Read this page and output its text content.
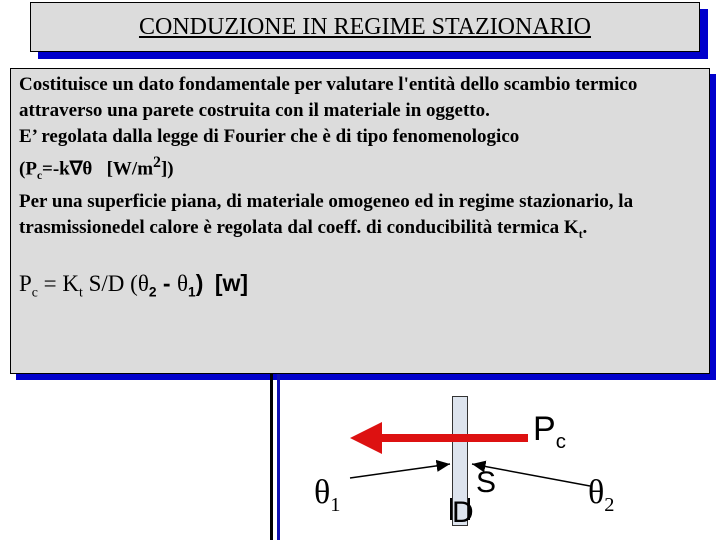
CONDUZIONE IN REGIME STAZIONARIO

Costituisce un dato fondamentale per valutare l'entità dello scambio termico attraverso una parete costruita con il materiale in oggetto.

E’ regolata dalla legge di Fourier che è di tipo fenomenologico
($P_c=-k\nabla\theta$ $[W/m^2]$)

Per una superficie piana, di materiale omogeneo ed in regime stazionario, la trasmissionedel calore è regolata dal coeff. di conducibilità termica $K_t$.

$P_c = K_t$ S/D $(\theta_2 - \theta_1)$ [w]

$P_c$
$\theta_1$	$\theta_2$
S
D
